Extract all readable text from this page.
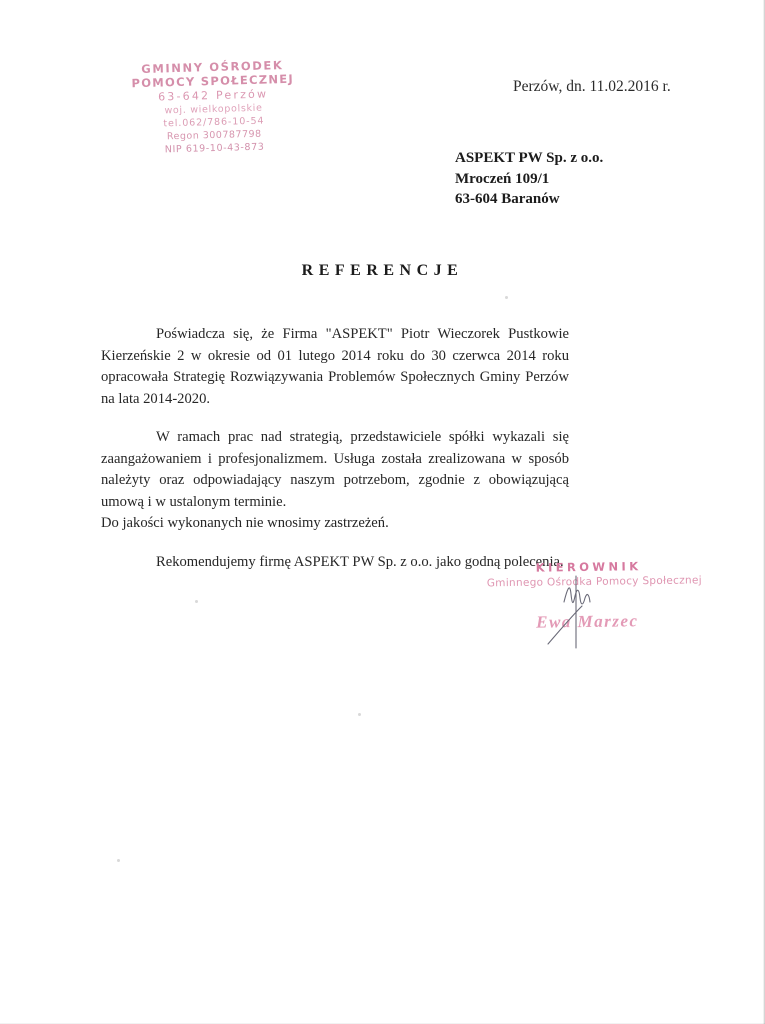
GMINNY OŚRODEK
POMOCY SPOŁECZNEJ
63-642 Perzów
woj. wielkopolskie
tel.062/786-10-54
Regon 300787798
NIP 619-10-43-873
Perzów, dn. 11.02.2016 r.
ASPEKT PW Sp. z o.o.
Mroczeń 109/1
63-604 Baranów
REFERENCJE

Poświadcza się, że Firma "ASPEKT" Piotr Wieczorek Pustkowie Kierzeńskie 2 w okresie od 01 lutego 2014 roku do 30 czerwca 2014 roku opracowała Strategię Rozwiązywania Problemów Społecznych Gminy Perzów na lata 2014-2020.

W ramach prac nad strategią, przedstawiciele spółki wykazali się zaangażowaniem i profesjonalizmem. Usługa została zrealizowana w sposób należyty oraz odpowiadający naszym potrzebom, zgodnie z obowiązującą umową i w ustalonym terminie.
Do jakości wykonanych nie wnosimy zastrzeżeń.

Rekomendujemy firmę ASPEKT PW Sp. z o.o. jako godną polecenia.

KIEROWNIK
Gminnego Ośrodka Pomocy Społecznej
Ewa Marzec
